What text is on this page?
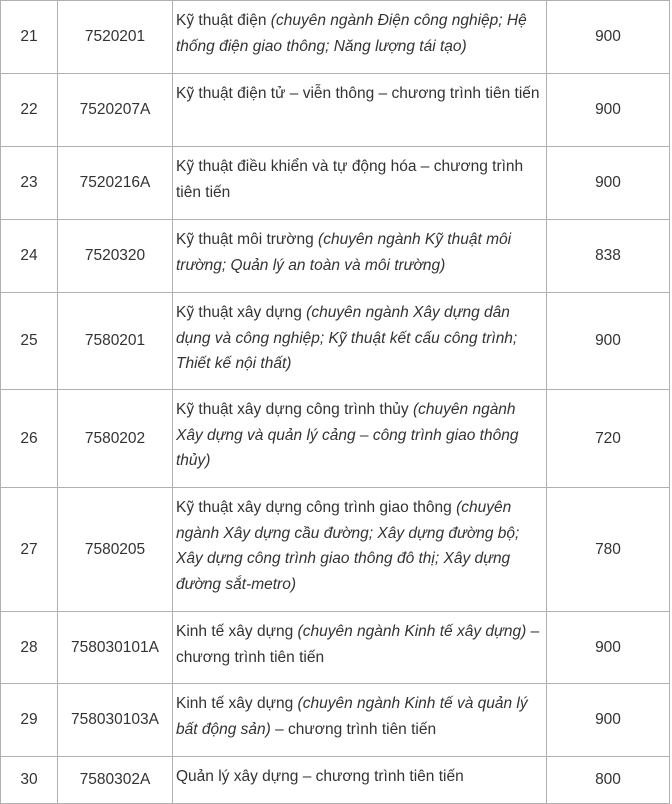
21	7520201	Kỹ thuật điện (chuyên ngành Điện công nghiệp; Hệ thống điện giao thông; Năng lượng tái tạo)	900
22	7520207A	Kỹ thuật điện tử – viễn thông – chương trình tiên tiến	900
23	7520216A	Kỹ thuật điều khiển và tự động hóa – chương trình tiên tiến	900
24	7520320	Kỹ thuật môi trường (chuyên ngành Kỹ thuật môi trường; Quản lý an toàn và môi trường)	838
25	7580201	Kỹ thuật xây dựng (chuyên ngành Xây dựng dân dụng và công nghiệp; Kỹ thuật kết cấu công trình; Thiết kế nội thất)	900
26	7580202	Kỹ thuật xây dựng công trình thủy (chuyên ngành Xây dựng và quản lý cảng – công trình giao thông thủy)	720
27	7580205	Kỹ thuật xây dựng công trình giao thông (chuyên ngành Xây dựng cầu đường; Xây dựng đường bộ; Xây dựng công trình giao thông đô thị; Xây dựng đường sắt-metro)	780
28	758030101A	Kinh tế xây dựng (chuyên ngành Kinh tế xây dựng) – chương trình tiên tiến	900
29	758030103A	Kinh tế xây dựng (chuyên ngành Kinh tế và quản lý bất động sản) – chương trình tiên tiến	900
30	7580302A	Quản lý xây dựng – chương trình tiên tiến	800
